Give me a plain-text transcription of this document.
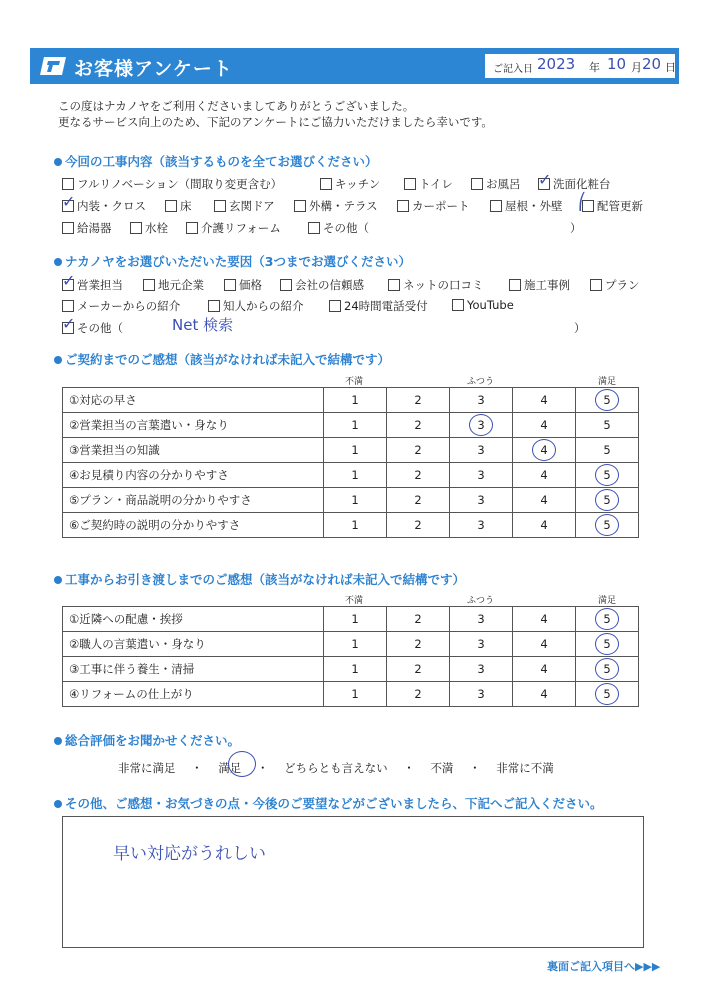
お客様アンケート	ご記入日 2023 年 10 月 20 日
この度はナカノヤをご利用くださいましてありがとうございました。
更なるサービス向上のため、下記のアンケートにご協力いただけましたら幸いです。
今回の工事内容（該当するものを全てお選びください）
フルリノベーション（間取り変更含む）	キッチン	トイレ	お風呂	洗面化粧台
✓
内装・クロス
✓	床	玄関ドア	外構・テラス	カーポート	屋根・外壁	配管更新
⎛
給湯器	水栓	介護リフォーム	その他（	）
ナカノヤをお選びいただいた要因（3つまでお選びください）
営業担当
✓	地元企業	価格	会社の信頼感	ネットの口コミ	施工事例	プラン
メーカーからの紹介	知人からの紹介	24時間電話受付	YouTube
その他（
✓	Net 検索	）
ご契約までのご感想（該当がなければ未記入で結構です）
不満	ふつう	満足
①対応の早さ	1	2	3	4	5

②営業担当の言葉遣い・身なり	1	2	3	4	5
③営業担当の知識	1	2	3	4	5
④お見積り内容の分かりやすさ	1	2	3	4	5

⑤プラン・商品説明の分かりやすさ	1	2	3	4	5

⑥ご契約時の説明の分かりやすさ	1	2	3	4	5
工事からお引き渡しまでのご感想（該当がなければ未記入で結構です）
不満	ふつう	満足
①近隣への配慮・挨拶	1	2	3	4	5

②職人の言葉遣い・身なり	1	2	3	4	5

③工事に伴う養生・清掃	1	2	3	4	5

④リフォームの仕上がり	1	2	3	4	5
総合評価をお聞かせください。
非常に満足 ・ 満足 ・ どちらとも言えない ・ 不満 ・ 非常に不満
その他、ご感想・お気づきの点・今後のご要望などがございましたら、下記へご記入ください。
早い対応がうれしい
裏面ご記入項目へ▶▶▶
